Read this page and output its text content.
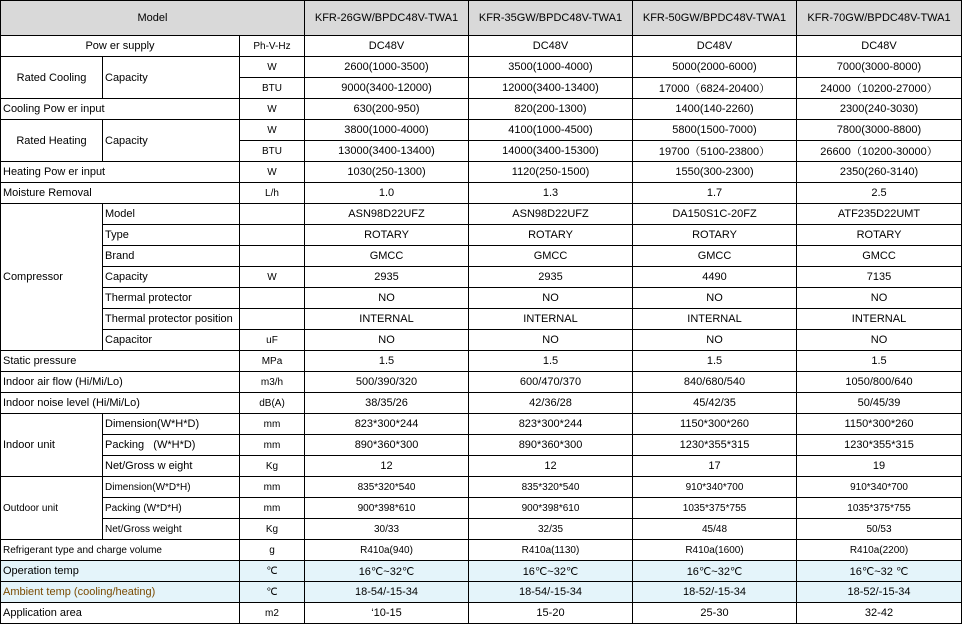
Model			KFR-26GW/BPDC48V-TWA1	KFR-35GW/BPDC48V-TWA1	KFR-50GW/BPDC48V-TWA1	KFR-70GW/BPDC48V-TWA1
Pow er supply		Ph-V-Hz	DC48V	DC48V	DC48V	DC48V
Rated Cooling	Capacity	W	2600(1000-3500)	3500(1000-4000)	5000(2000-6000)	7000(3000-8000)
		BTU	9000(3400-12000)	12000(3400-13400)	17000（6824-20400）	24000（10200-27000）
Cooling Pow er input		W	630(200-950)	820(200-1300)	1400(140-2260)	2300(240-3030)
Rated Heating	Capacity	W	3800(1000-4000)	4100(1000-4500)	5800(1500-7000)	7800(3000-8800)
		BTU	13000(3400-13400)	14000(3400-15300)	19700（5100-23800）	26600（10200-30000）
Heating Pow er input		W	1030(250-1300)	1120(250-1500)	1550(300-2300)	2350(260-3140)
Moisture Removal		L/h	1.0	1.3	1.7	2.5
Compressor	Model		ASN98D22UFZ	ASN98D22UFZ	DA150S1C-20FZ	ATF235D22UMT
	Type		ROTARY	ROTARY	ROTARY	ROTARY
	Brand		GMCC	GMCC	GMCC	GMCC
	Capacity	W	2935	2935	4490	7135
	Thermal protector		NO	NO	NO	NO
	Thermal protector position		INTERNAL	INTERNAL	INTERNAL	INTERNAL
	Capacitor	uF	NO	NO	NO	NO
Static pressure		MPa	1.5	1.5	1.5	1.5
Indoor air flow (Hi/Mi/Lo)		m3/h	500/390/320	600/470/370	840/680/540	1050/800/640
Indoor noise level (Hi/Mi/Lo)		dB(A)	38/35/26	42/36/28	45/42/35	50/45/39
Indoor unit	Dimension(W*H*D)	mm	823*300*244	823*300*244	1150*300*260	1150*300*260
	Packing   (W*H*D)	mm	890*360*300	890*360*300	1230*355*315	1230*355*315
	Net/Gross w eight	Kg	12	12	17	19
Outdoor unit	Dimension(W*D*H)	mm	835*320*540	835*320*540	910*340*700	910*340*700
	Packing (W*D*H)	mm	900*398*610	900*398*610	1035*375*755	1035*375*755
	Net/Gross weight	Kg	30/33	32/35	45/48	50/53
Refrigerant type and charge volume		g	R410a(940)	R410a(1130)	R410a(1600)	R410a(2200)
Operation temp		℃	16℃~32℃	16℃~32℃	16℃~32℃	16℃~32 ℃
Ambient temp (cooling/heating)		℃	18-54/-15-34	18-54/-15-34	18-52/-15-34	18-52/-15-34
Application area		m2	‘10-15	15-20	25-30	32-42
